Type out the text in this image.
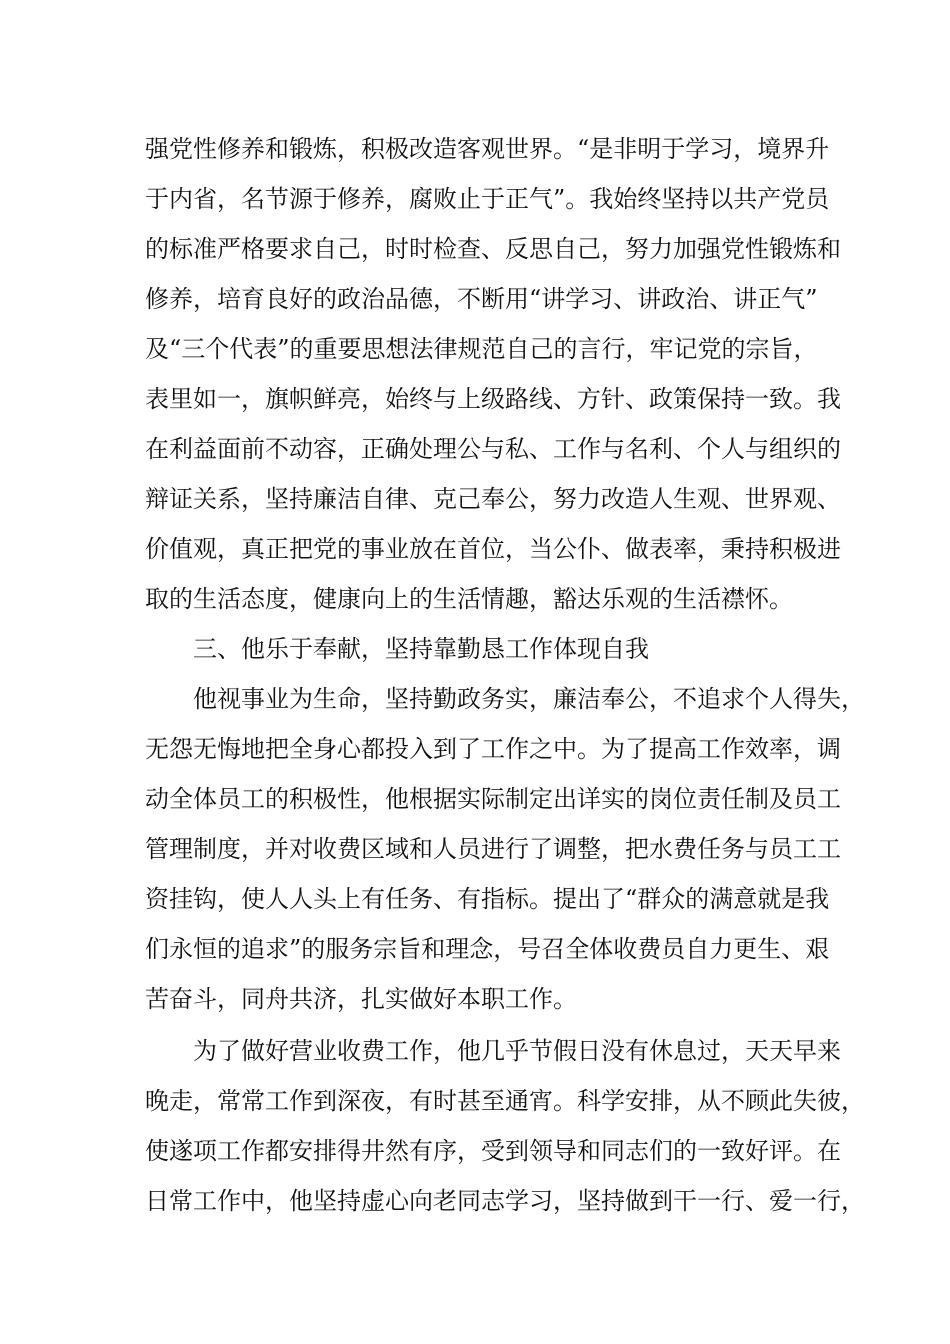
强党性修养和锻炼，积极改造客观世界。“是非明于学习，境界升
于内省，名节源于修养，腐败止于正气”。我始终坚持以共产党员
的标准严格要求自己，时时检查、反思自己，努力加强党性锻炼和
修养，培育良好的政治品德，不断用“讲学习、讲政治、讲正气”
及“三个代表”的重要思想法律规范自己的言行，牢记党的宗旨，
表里如一，旗帜鲜亮，始终与上级路线、方针、政策保持一致。我
在利益面前不动容，正确处理公与私、工作与名利、个人与组织的
辩证关系，坚持廉洁自律、克己奉公，努力改造人生观、世界观、
价值观，真正把党的事业放在首位，当公仆、做表率，秉持积极进
取的生活态度，健康向上的生活情趣，豁达乐观的生活襟怀。
三、他乐于奉献，坚持靠勤恳工作体现自我
他视事业为生命，坚持勤政务实，廉洁奉公，不追求个人得失，
无怨无悔地把全身心都投入到了工作之中。为了提高工作效率，调
动全体员工的积极性，他根据实际制定出详实的岗位责任制及员工
管理制度，并对收费区域和人员进行了调整，把水费任务与员工工
资挂钩，使人人头上有任务、有指标。提出了“群众的满意就是我
们永恒的追求”的服务宗旨和理念，号召全体收费员自力更生、艰
苦奋斗，同舟共济，扎实做好本职工作。
为了做好营业收费工作，他几乎节假日没有休息过，天天早来
晚走，常常工作到深夜，有时甚至通宵。科学安排，从不顾此失彼，
使遂项工作都安排得井然有序，受到领导和同志们的一致好评。在
日常工作中，他坚持虚心向老同志学习，坚持做到干一行、爱一行，
